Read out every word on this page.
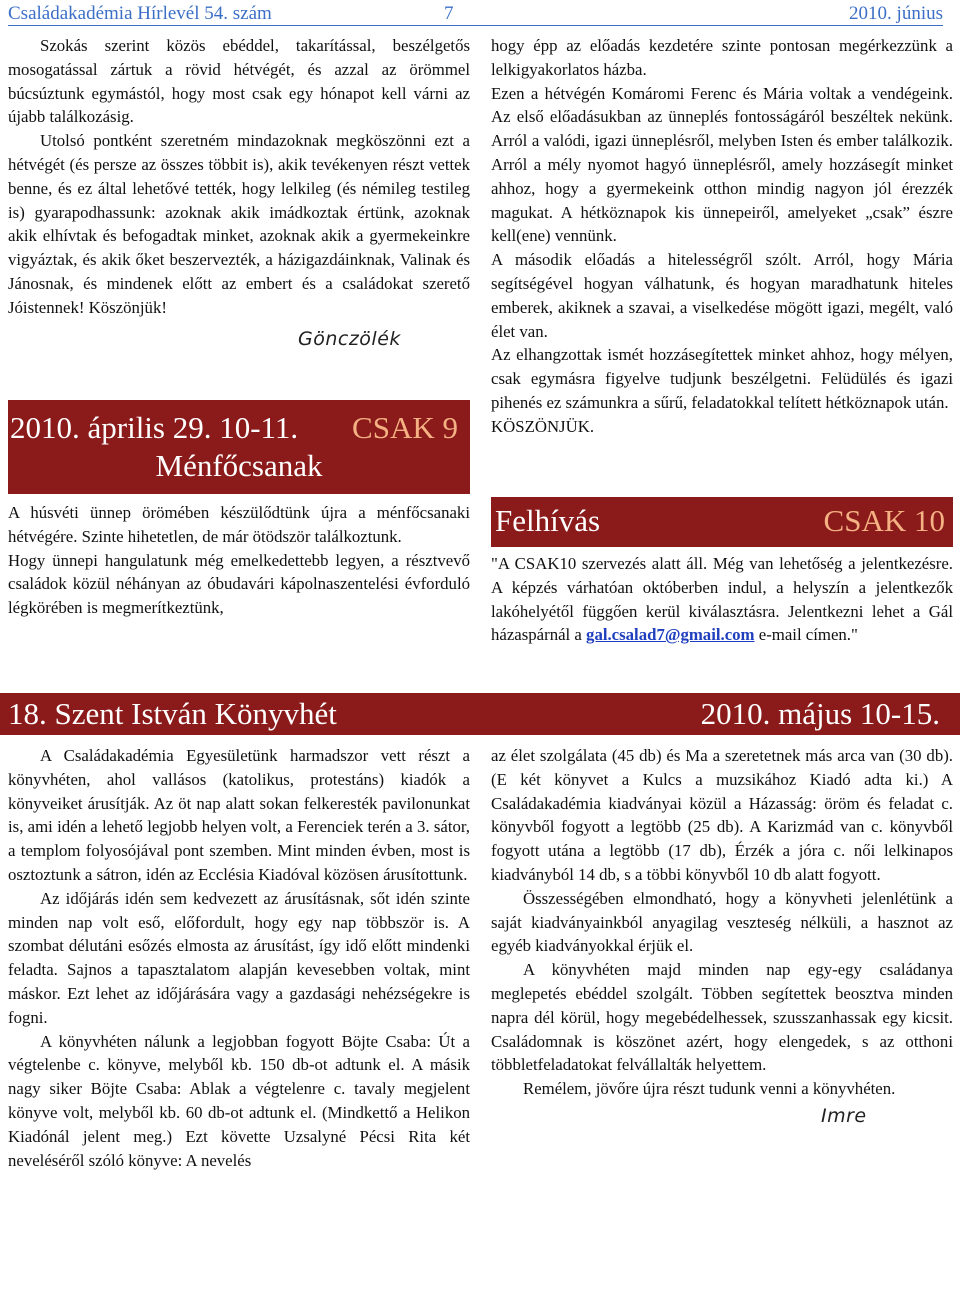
Családakadémia Hírlevél 54. szám	7	2010. június

Szokás szerint közös ebéddel, takarítással, beszélgetős mosogatással zártuk a rövid hétvégét, és azzal az örömmel búcsúztunk egymástól, hogy most csak egy hónapot kell várni az újabb találkozásig.

Utolsó pontként szeretném mindazoknak megköszönni ezt a hétvégét (és persze az összes többit is), akik tevékenyen részt vettek benne, és ez által lehetővé tették, hogy lelkileg (és némileg testileg is) gyarapodhassunk: azoknak akik imádkoztak értünk, azoknak akik elhívtak és befogadtak minket, azoknak akik a gyermekeinkre vigyáztak, és akik őket beszervezték, a házigazdáinknak, Valinak és Jánosnak, és mindenek előtt az embert és a családokat szerető Jóistennek! Köszönjük!

Gönczölék

2010. április 29. 10-11. CSAK 9
Ménfőcsanak

A húsvéti ünnep örömében készülődtünk újra a ménfőcsanaki hétvégére. Szinte hihetetlen, de már ötödször találkoztunk.

Hogy ünnepi hangulatunk még emelkedettebb legyen, a résztvevő családok közül néhányan az óbudavári kápolnaszentelési évforduló légkörében is megmerítkeztünk,

hogy épp az előadás kezdetére szinte pontosan megérkezzünk a lelkigyakorlatos házba.

Ezen a hétvégén Komáromi Ferenc és Mária voltak a vendégeink. Az első előadásukban az ünneplés fontosságáról beszéltek nekünk. Arról a valódi, igazi ünneplésről, melyben Isten és ember találkozik. Arról a mély nyomot hagyó ünneplésről, amely hozzásegít minket ahhoz, hogy a gyermekeink otthon mindig nagyon jól érezzék magukat. A hétköznapok kis ünnepeiről, amelyeket „csak” észre kell(ene) vennünk.

A második előadás a hitelességről szólt. Arról, hogy Mária segítségével hogyan válhatunk, és hogyan maradhatunk hiteles emberek, akiknek a szavai, a viselkedése mögött igazi, megélt, való élet van.

Az elhangzottak ismét hozzásegítettek minket ahhoz, hogy mélyen, csak egymásra figyelve tudjunk beszélgetni. Felüdülés és igazi pihenés ez számunkra a sűrű, feladatokkal telített hétköznapok után.

KÖSZÖNJÜK.

Felhívás	CSAK 10

"A CSAK10 szervezés alatt áll. Még van lehetőség a jelentkezésre. A képzés várhatóan októberben indul, a helyszín a jelentkezők lakóhelyétől függően kerül kiválasztásra. Jelentkezni lehet a Gál házaspárnál a gal.csalad7@gmail.com e-mail címen."

18. Szent István Könyvhét	2010. május 10-15.

A Családakadémia Egyesületünk harmadszor vett részt a könyvhéten, ahol vallásos (katolikus, protestáns) kiadók a könyveiket árusítják. Az öt nap alatt sokan felkeresték pavilonunkat is, ami idén a lehető legjobb helyen volt, a Ferenciek terén a 3. sátor, a templom folyosójával pont szemben. Mint minden évben, most is osztoztunk a sátron, idén az Ecclésia Kiadóval közösen árusítottunk.

Az időjárás idén sem kedvezett az árusításnak, sőt idén szinte minden nap volt eső, előfordult, hogy egy nap többször is. A szombat délutáni esőzés elmosta az árusítást, így idő előtt mindenki feladta. Sajnos a tapasztalatom alapján kevesebben voltak, mint máskor. Ezt lehet az időjárására vagy a gazdasági nehézségekre is fogni.

A könyvhéten nálunk a legjobban fogyott Böjte Csaba: Út a végtelenbe c. könyve, melyből kb. 150 db-ot adtunk el. A másik nagy siker Böjte Csaba: Ablak a végtelenre c. tavaly megjelent könyve volt, melyből kb. 60 db-ot adtunk el. (Mindkettő a Helikon Kiadónál jelent meg.) Ezt követte Uzsalyné Pécsi Rita két neveléséről szóló könyve: A nevelés

az élet szolgálata (45 db) és Ma a szeretetnek más arca van (30 db). (E két könyvet a Kulcs a muzsikához Kiadó adta ki.) A Családakadémia kiadványai közül a Házasság: öröm és feladat c. könyvből fogyott a legtöbb (25 db). A Karizmád van c. könyvből fogyott utána a legtöbb (17 db), Érzék a jóra c. női lelkinapos kiadványból 14 db, s a többi könyvből 10 db alatt fogyott.

Összességében elmondható, hogy a könyvheti jelenlétünk a saját kiadványainkból anyagilag veszteség nélküli, a hasznot az egyéb kiadványokkal érjük el.

A könyvhéten majd minden nap egy-egy családanya meglepetés ebéddel szolgált. Többen segítettek beosztva minden napra dél körül, hogy megebédelhessek, szusszanhassak egy kicsit. Családomnak is köszönet azért, hogy elengedek, s az otthoni többletfeladatokat felvállalták helyettem.

Remélem, jövőre újra részt tudunk venni a könyvhéten.

Imre
